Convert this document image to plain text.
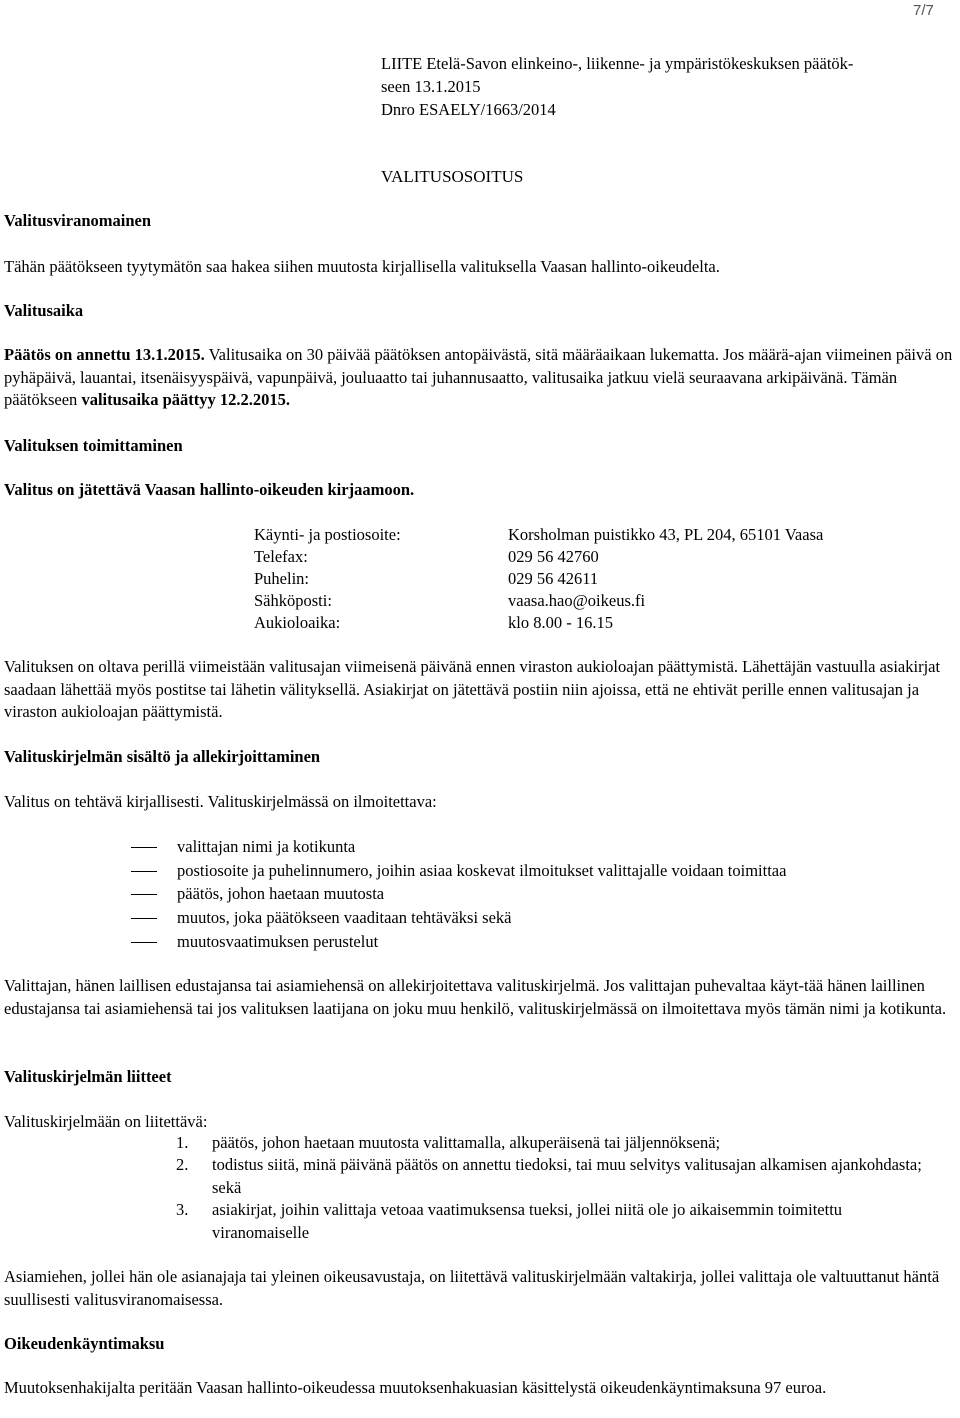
7/7
LIITE Etelä-Savon elinkeino-, liikenne- ja ympäristökeskuksen päätök-
seen 13.1.2015
Dnro ESAELY/1663/2014
VALITUSOSOITUS
Valitusviranomainen
Tähän päätökseen tyytymätön saa hakea siihen muutosta kirjallisella valituksella Vaasan hallinto-oikeudelta.
Valitusaika

Päätös on annettu 13.1.2015. Valitusaika on 30 päivää päätöksen antopäivästä, sitä määräaikaan lukematta. Jos määrä-ajan viimeinen päivä on pyhäpäivä, lauantai, itsenäisyyspäivä, vapunpäivä, jouluaatto tai juhannusaatto, valitusaika jatkuu vielä seuraavana arkipäivänä. Tämän päätökseen valitusaika päättyy 12.2.2015.

Valituksen toimittaminen
Valitus on jätettävä Vaasan hallinto-oikeuden kirjaamoon.
Käynti- ja postiosoite:	Korsholman puistikko 43, PL 204, 65101 Vaasa
Telefax:	029 56 42760
Puhelin:	029 56 42611
Sähköposti:	vaasa.hao@oikeus.fi
Aukioloaika:	klo 8.00 - 16.15

Valituksen on oltava perillä viimeistään valitusajan viimeisenä päivänä ennen viraston aukioloajan päättymistä. Lähettäjän vastuulla asiakirjat saadaan lähettää myös postitse tai lähetin välityksellä. Asiakirjat on jätettävä postiin niin ajoissa, että ne ehtivät perille ennen valitusajan ja viraston aukioloajan päättymistä.

Valituskirjelmän sisältö ja allekirjoittaminen
Valitus on tehtävä kirjallisesti. Valituskirjelmässä on ilmoitettava:
valittajan nimi ja kotikunta
postiosoite ja puhelinnumero, joihin asiaa koskevat ilmoitukset valittajalle voidaan toimittaa
päätös, johon haetaan muutosta
muutos, joka päätökseen vaaditaan tehtäväksi sekä
muutosvaatimuksen perustelut

Valittajan, hänen laillisen edustajansa tai asiamiehensä on allekirjoitettava valituskirjelmä. Jos valittajan puhevaltaa käyt-tää hänen laillinen edustajansa tai asiamiehensä tai jos valituksen laatijana on joku muu henkilö, valituskirjelmässä on ilmoitettava myös tämän nimi ja kotikunta.

Valituskirjelmän liitteet
Valituskirjelmään on liitettävä:
1. päätös, johon haetaan muutosta valittamalla, alkuperäisenä tai jäljennöksenä;
2. todistus siitä, minä päivänä päätös on annettu tiedoksi, tai muu selvitys valitusajan alkamisen ajankohdasta; sekä
3. asiakirjat, joihin valittaja vetoaa vaatimuksensa tueksi, jollei niitä ole jo aikaisemmin toimitettu viranomaiselle

Asiamiehen, jollei hän ole asianajaja tai yleinen oikeusavustaja, on liitettävä valituskirjelmään valtakirja, jollei valittaja ole valtuuttanut häntä suullisesti valitusviranomaisessa.

Oikeudenkäyntimaksu

Muutoksenhakijalta peritään Vaasan hallinto-oikeudessa muutoksenhakuasian käsittelystä oikeudenkäyntimaksuna 97 euroa.
